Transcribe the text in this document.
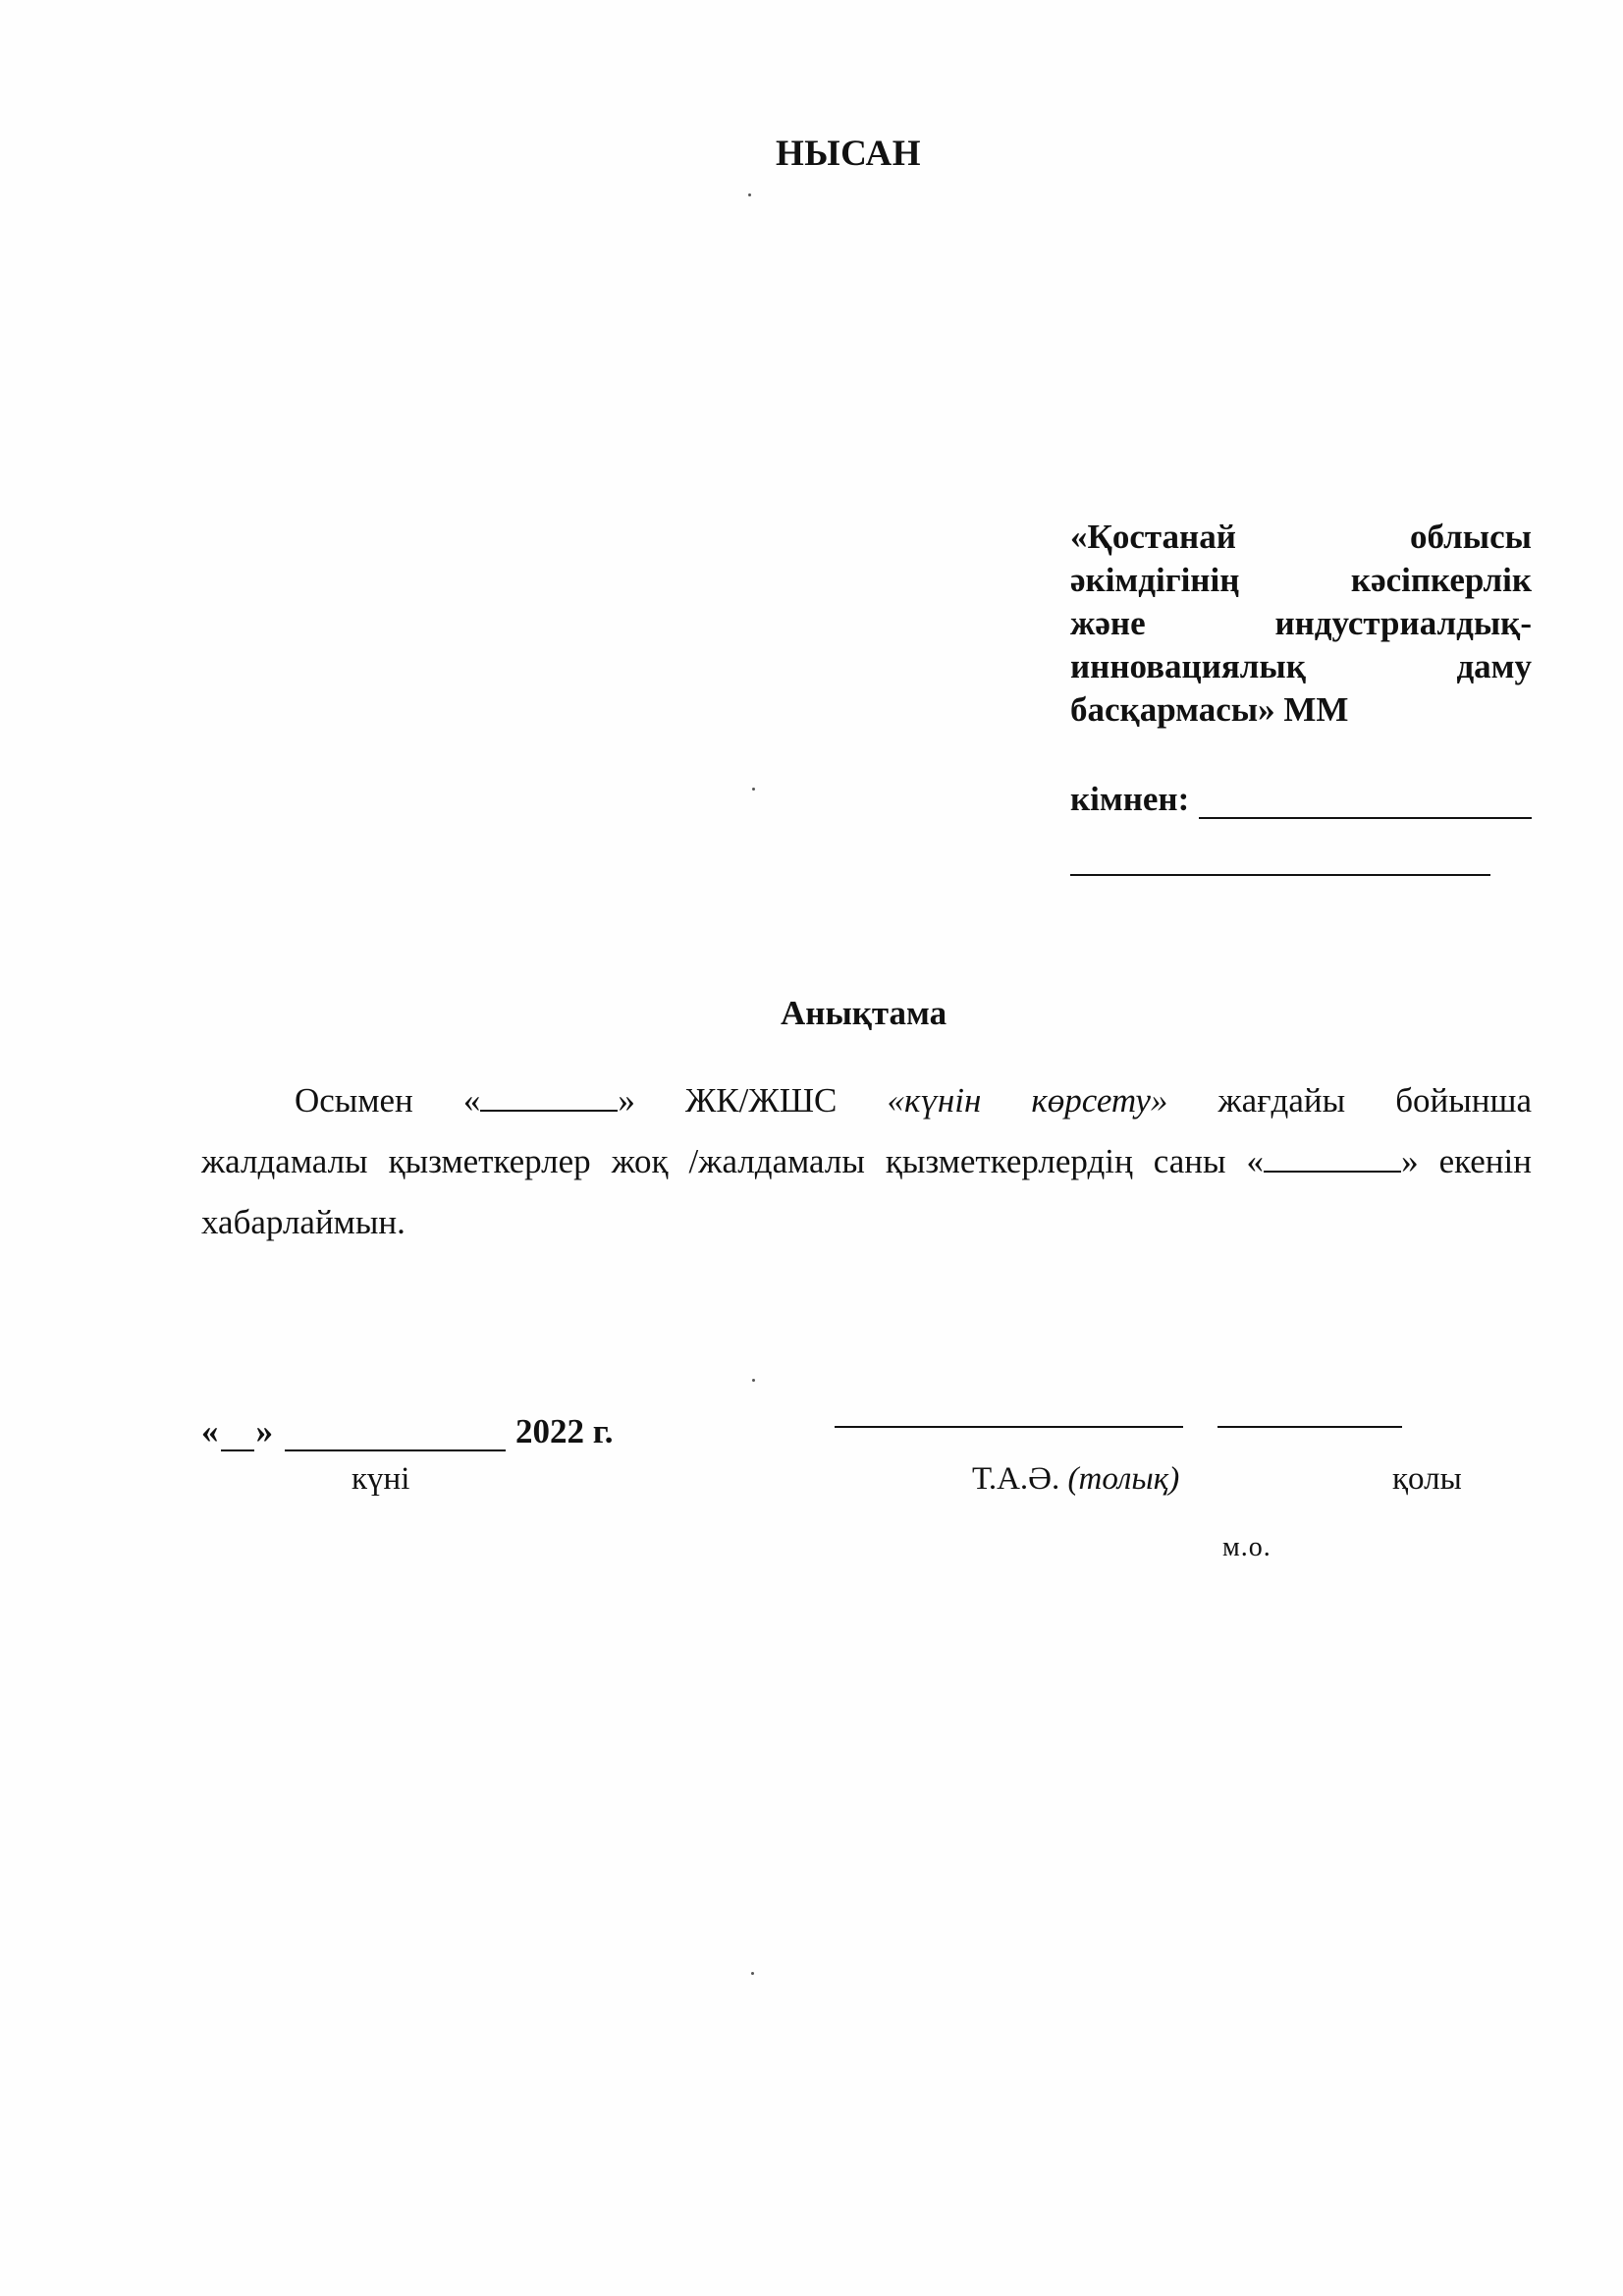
НЫСАН
«Қостанай облысы
әкімдігінің кәсіпкерлік
және индустриалдық-
инновациялық даму
басқармасы» ММ
кімнен:
Анықтама
Осымен «	» ЖК/ЖШС «күнін көрсету» жағдайы бойынша
жалдамалы қызметкерлер жоқ /жалдамалы қызметкерлердің саны «	» екенін
хабарлаймын.
« »	2022 г.
күні	Т.А.Ә. (толық)	қолы
м.о.
